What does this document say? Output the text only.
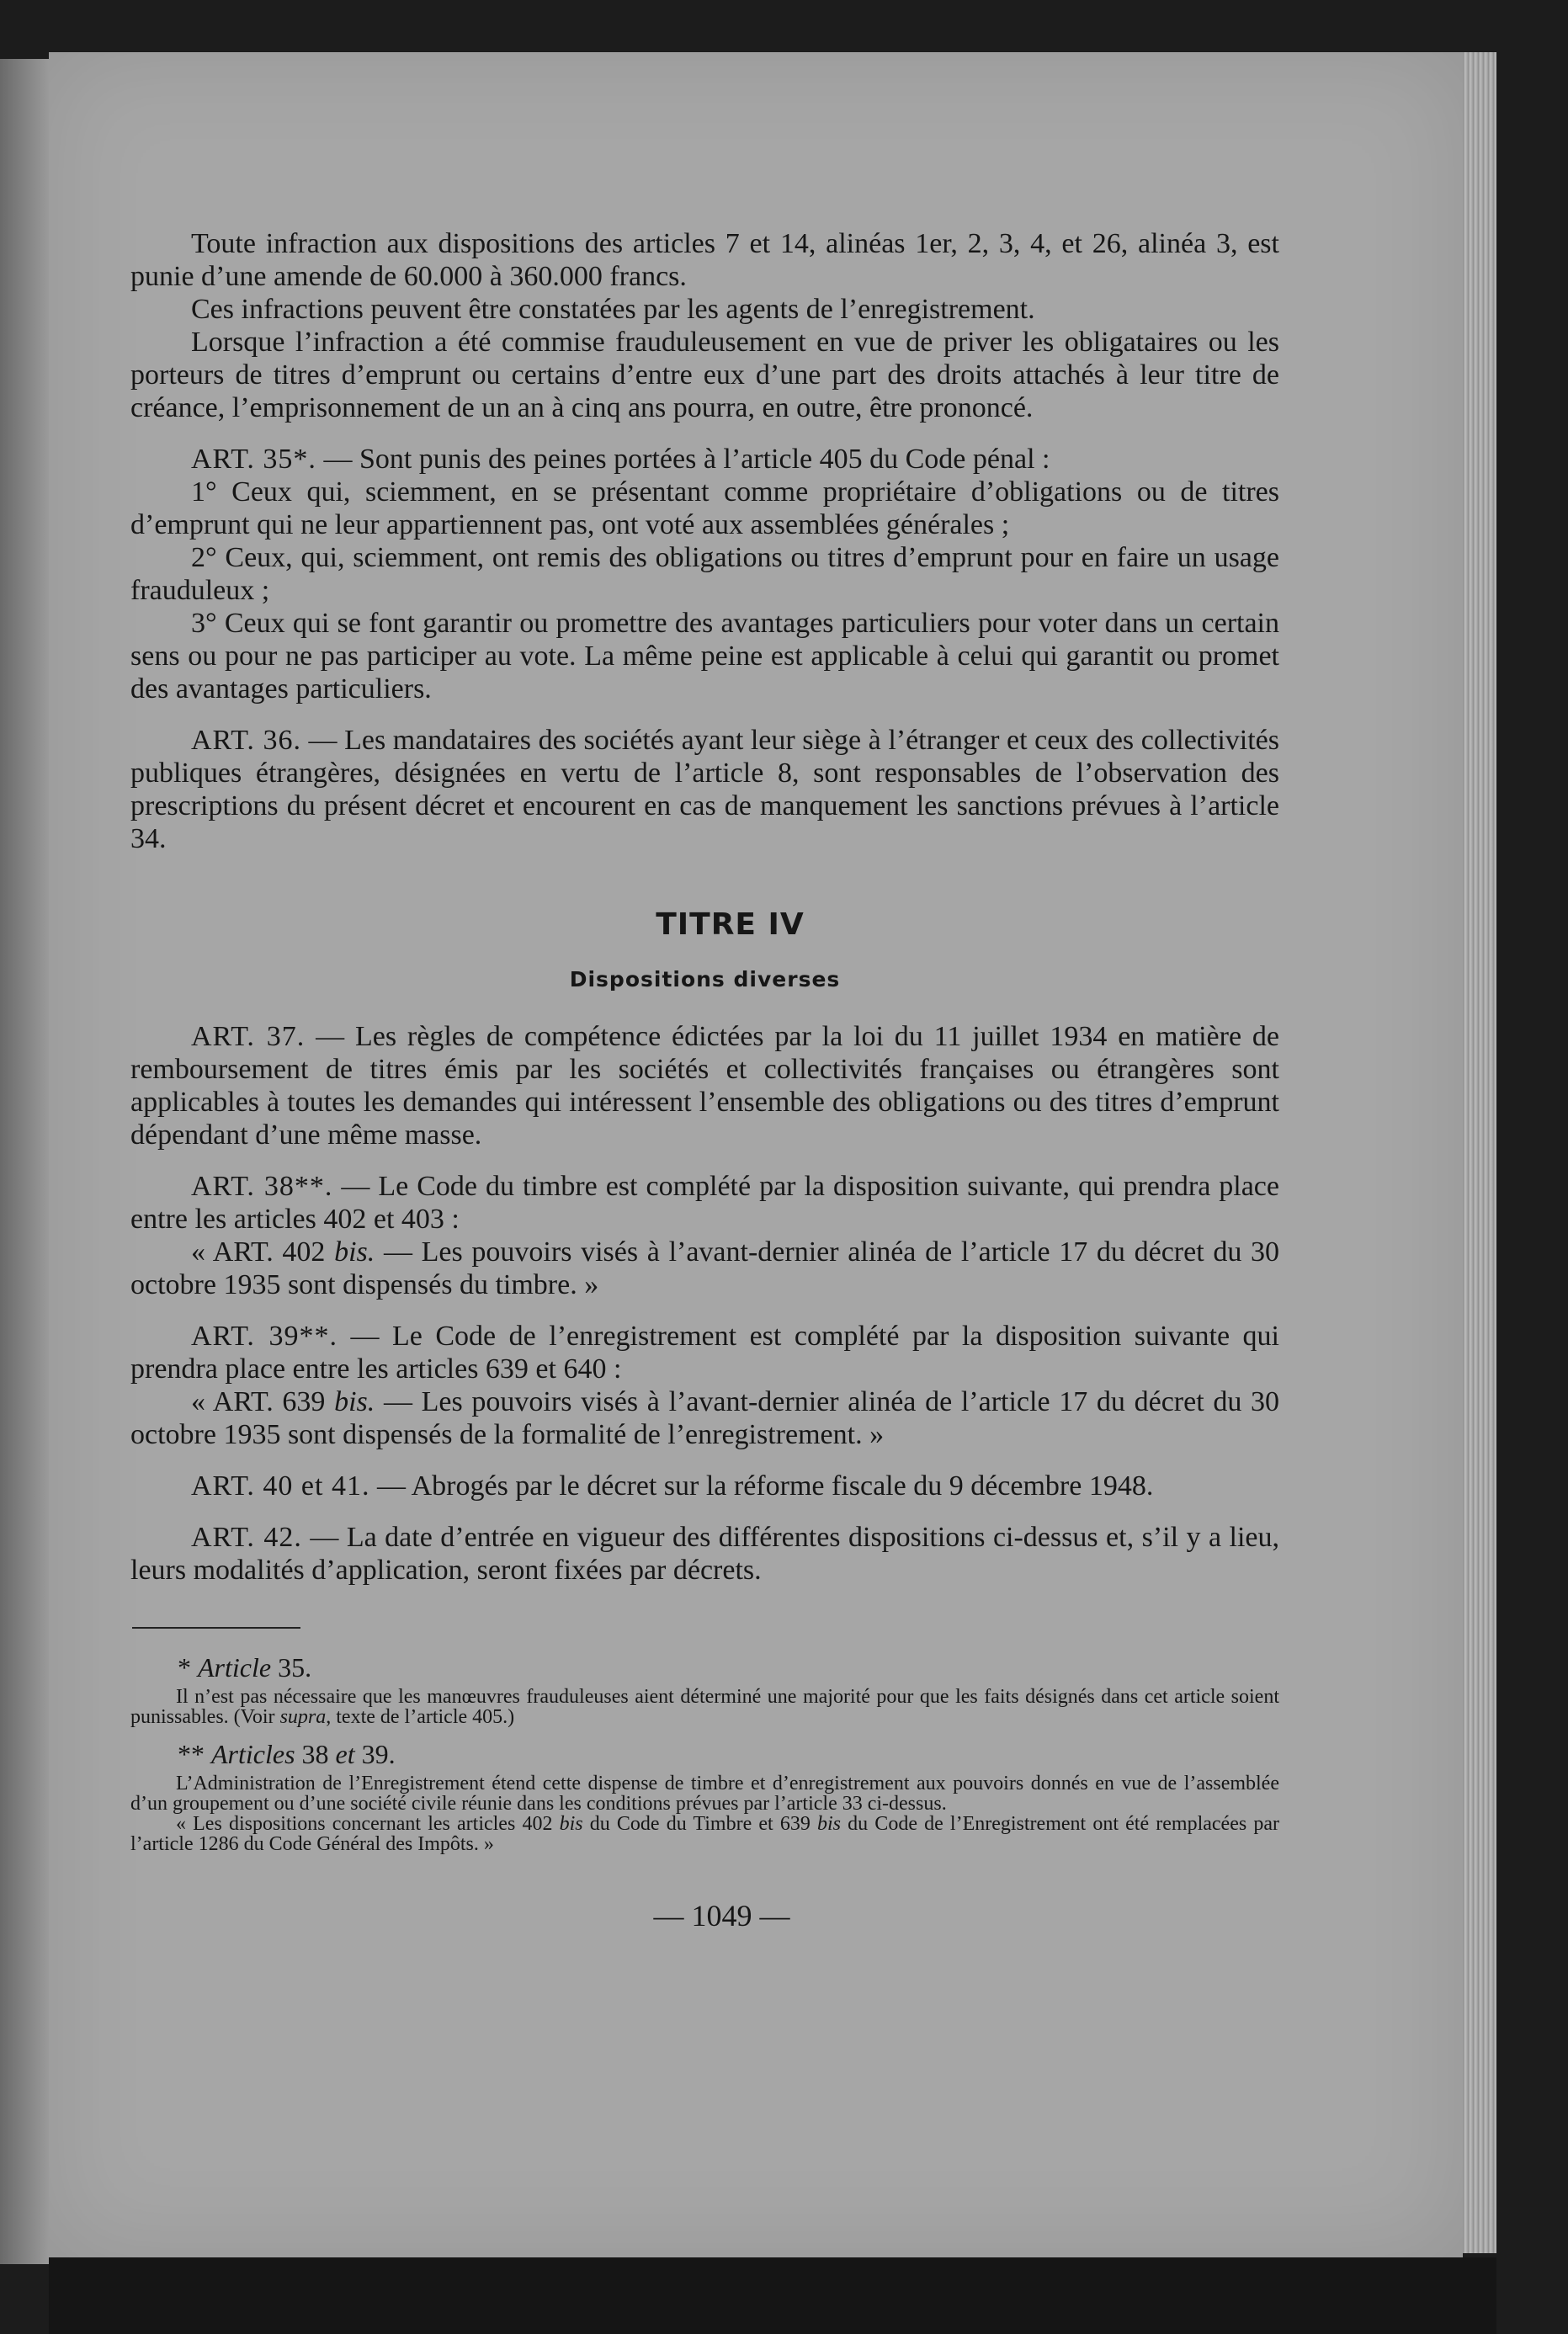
Toute infraction aux dispositions des articles 7 et 14, alinéas 1er, 2, 3, 4, et 26, alinéa 3, est punie d’une amende de 60.000 à 360.000 francs.

Ces infractions peuvent être constatées par les agents de l’enregistrement.

Lorsque l’infraction a été commise frauduleusement en vue de priver les obligataires ou les porteurs de titres d’emprunt ou certains d’entre eux d’une part des droits attachés à leur titre de créance, l’emprisonnement de un an à cinq ans pourra, en outre, être prononcé.

ART. 35*. — Sont punis des peines portées à l’article 405 du Code pénal :

1° Ceux qui, sciemment, en se présentant comme propriétaire d’obligations ou de titres d’emprunt qui ne leur appartiennent pas, ont voté aux assemblées générales ;

2° Ceux, qui, sciemment, ont remis des obligations ou titres d’emprunt pour en faire un usage frauduleux ;

3° Ceux qui se font garantir ou promettre des avantages particuliers pour voter dans un certain sens ou pour ne pas participer au vote. La même peine est applicable à celui qui garantit ou promet des avantages particuliers.

ART. 36. — Les mandataires des sociétés ayant leur siège à l’étranger et ceux des collectivités publiques étrangères, désignées en vertu de l’article 8, sont responsables de l’observation des prescriptions du présent décret et encourent en cas de manquement les sanctions prévues à l’article 34.

TITRE IV
Dispositions diverses

ART. 37. — Les règles de compétence édictées par la loi du 11 juillet 1934 en matière de remboursement de titres émis par les sociétés et collectivités françaises ou étrangères sont applicables à toutes les demandes qui intéressent l’ensemble des obligations ou des titres d’emprunt dépendant d’une même masse.

ART. 38**. — Le Code du timbre est complété par la disposition suivante, qui prendra place entre les articles 402 et 403 :

« ART. 402 bis. — Les pouvoirs visés à l’avant-dernier alinéa de l’article 17 du décret du 30 octobre 1935 sont dispensés du timbre. »

ART. 39**. — Le Code de l’enregistrement est complété par la disposition suivante qui prendra place entre les articles 639 et 640 :

« ART. 639 bis. — Les pouvoirs visés à l’avant-dernier alinéa de l’article 17 du décret du 30 octobre 1935 sont dispensés de la formalité de l’enregistrement. »

ART. 40 et 41. — Abrogés par le décret sur la réforme fiscale du 9 décembre 1948.

ART. 42. — La date d’entrée en vigueur des différentes dispositions ci-dessus et, s’il y a lieu, leurs modalités d’application, seront fixées par décrets.

* Article 35.

Il n’est pas nécessaire que les manœuvres frauduleuses aient déterminé une majorité pour que les faits désignés dans cet article soient punissables. (Voir supra, texte de l’article 405.)

** Articles 38 et 39.

L’Administration de l’Enregistrement étend cette dispense de timbre et d’enregistrement aux pouvoirs donnés en vue de l’assemblée d’un groupement ou d’une société civile réunie dans les conditions prévues par l’article 33 ci-dessus.

« Les dispositions concernant les articles 402 bis du Code du Timbre et 639 bis du Code de l’Enregistrement ont été remplacées par l’article 1286 du Code Général des Impôts. »

— 1049 —
